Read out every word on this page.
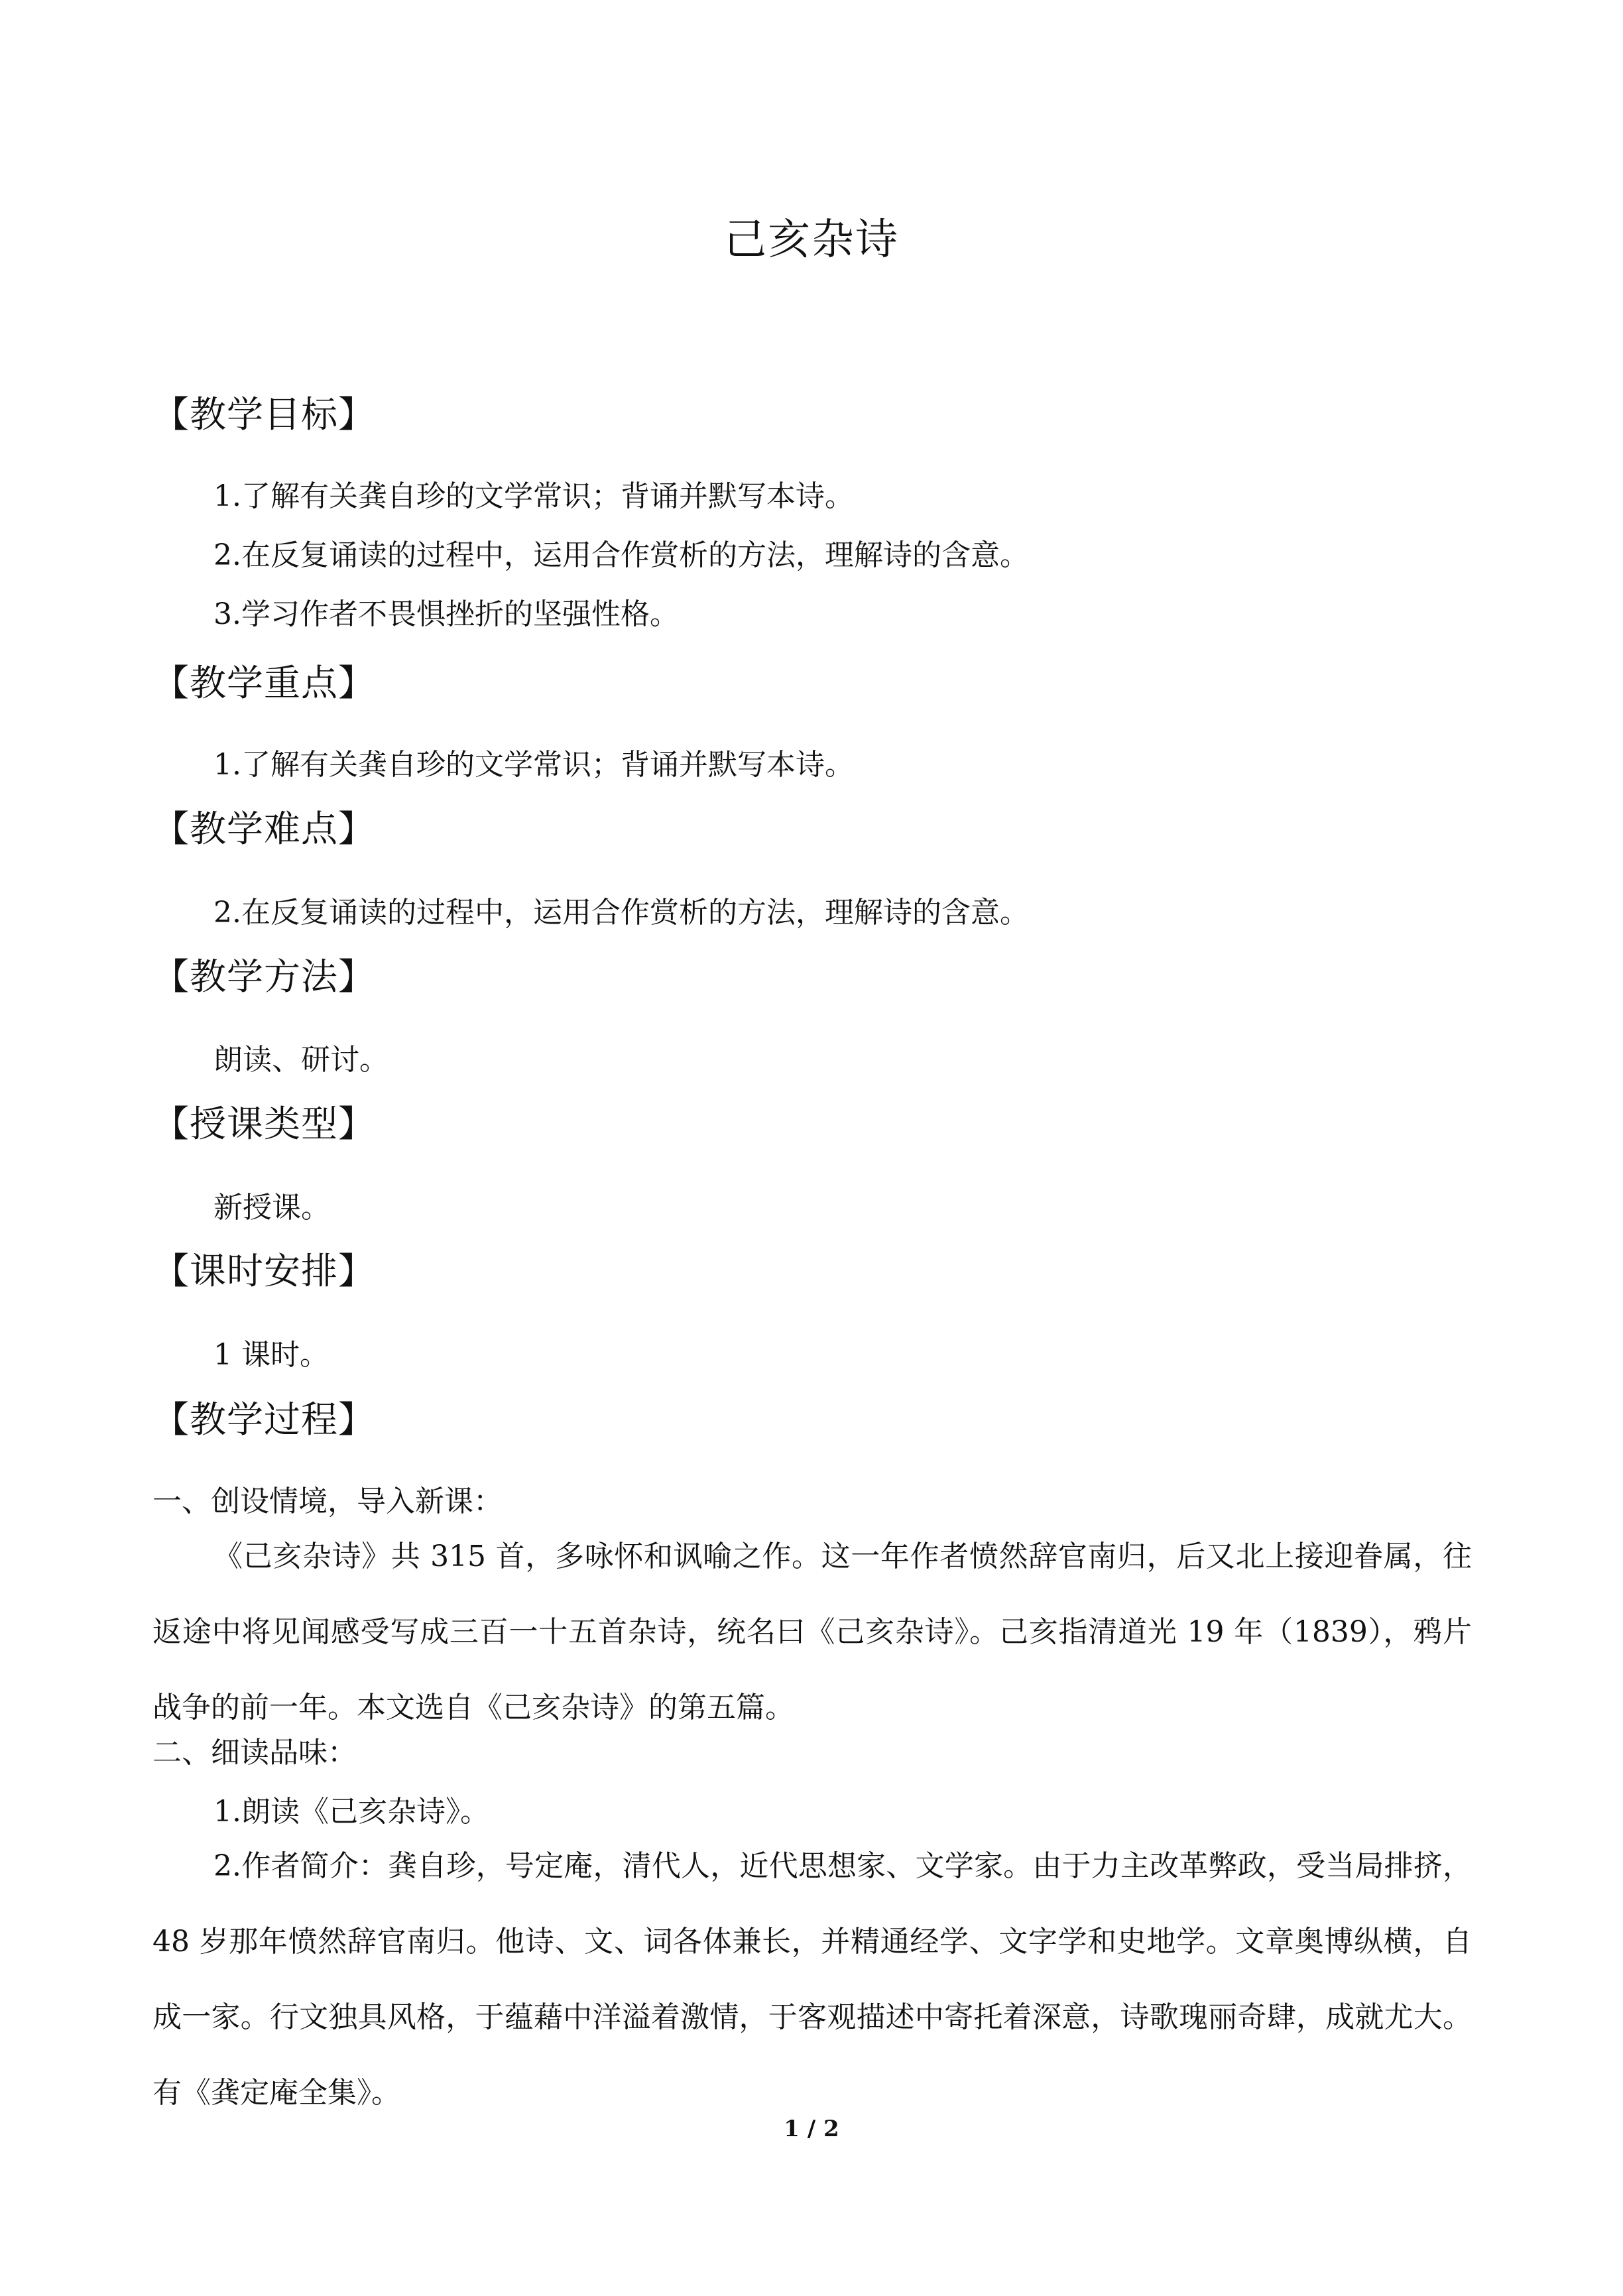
己亥杂诗
【教学目标】
1.了解有关龚自珍的文学常识；背诵并默写本诗。
2.在反复诵读的过程中，运用合作赏析的方法，理解诗的含意。
3.学习作者不畏惧挫折的坚强性格。
【教学重点】
1.了解有关龚自珍的文学常识；背诵并默写本诗。
【教学难点】
2.在反复诵读的过程中，运用合作赏析的方法，理解诗的含意。
【教学方法】
朗读、研讨。
【授课类型】
新授课。
【课时安排】
1 课时。
【教学过程】
一、创设情境，导入新课：
《己亥杂诗》共 315 首，多咏怀和讽喻之作。这一年作者愤然辞官南归，后又北上接迎眷属，往返途中将见闻感受写成三百一十五首杂诗，统名曰《己亥杂诗》。己亥指清道光 19 年（1839），鸦片战争的前一年。本文选自《己亥杂诗》的第五篇。
二、细读品味：
1.朗读《己亥杂诗》。
2.作者简介：龚自珍，号定庵，清代人，近代思想家、文学家。由于力主改革弊政，受当局排挤，48 岁那年愤然辞官南归。他诗、文、词各体兼长，并精通经学、文字学和史地学。文章奥博纵横，自成一家。行文独具风格，于蕴藉中洋溢着激情，于客观描述中寄托着深意，诗歌瑰丽奇肆，成就尤大。有《龚定庵全集》。
1 / 2
